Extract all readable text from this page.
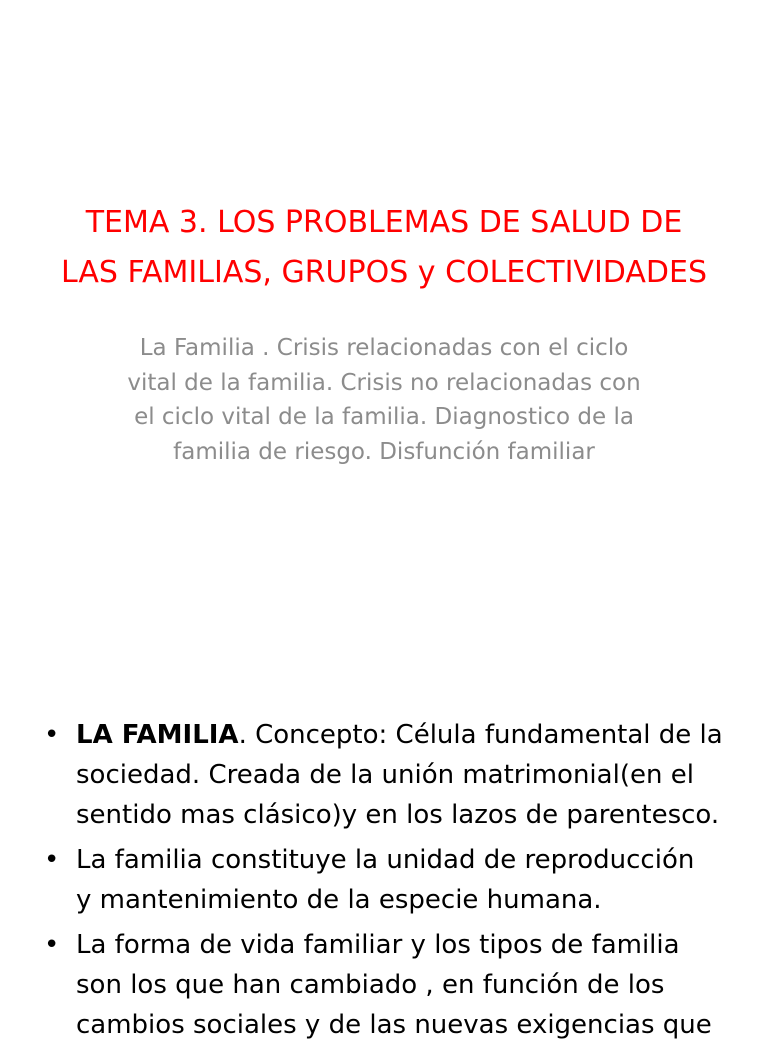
TEMA 3. LOS PROBLEMAS DE SALUD DE
LAS FAMILIAS, GRUPOS y COLECTIVIDADES

La Familia . Crisis relacionadas con el ciclo
vital de la familia. Crisis no relacionadas con
el ciclo vital de la familia. Diagnostico de la
familia de riesgo. Disfunción familiar

• LA FAMILIA. Concepto: Célula fundamental de la
sociedad. Creada de la unión matrimonial(en el
sentido mas clásico)y en los lazos de parentesco.
• La familia constituye la unidad de reproducción
y mantenimiento de la especie humana.
• La forma de vida familiar y los tipos de familia
son los que han cambiado , en función de los
cambios sociales y de las nuevas exigencias que
